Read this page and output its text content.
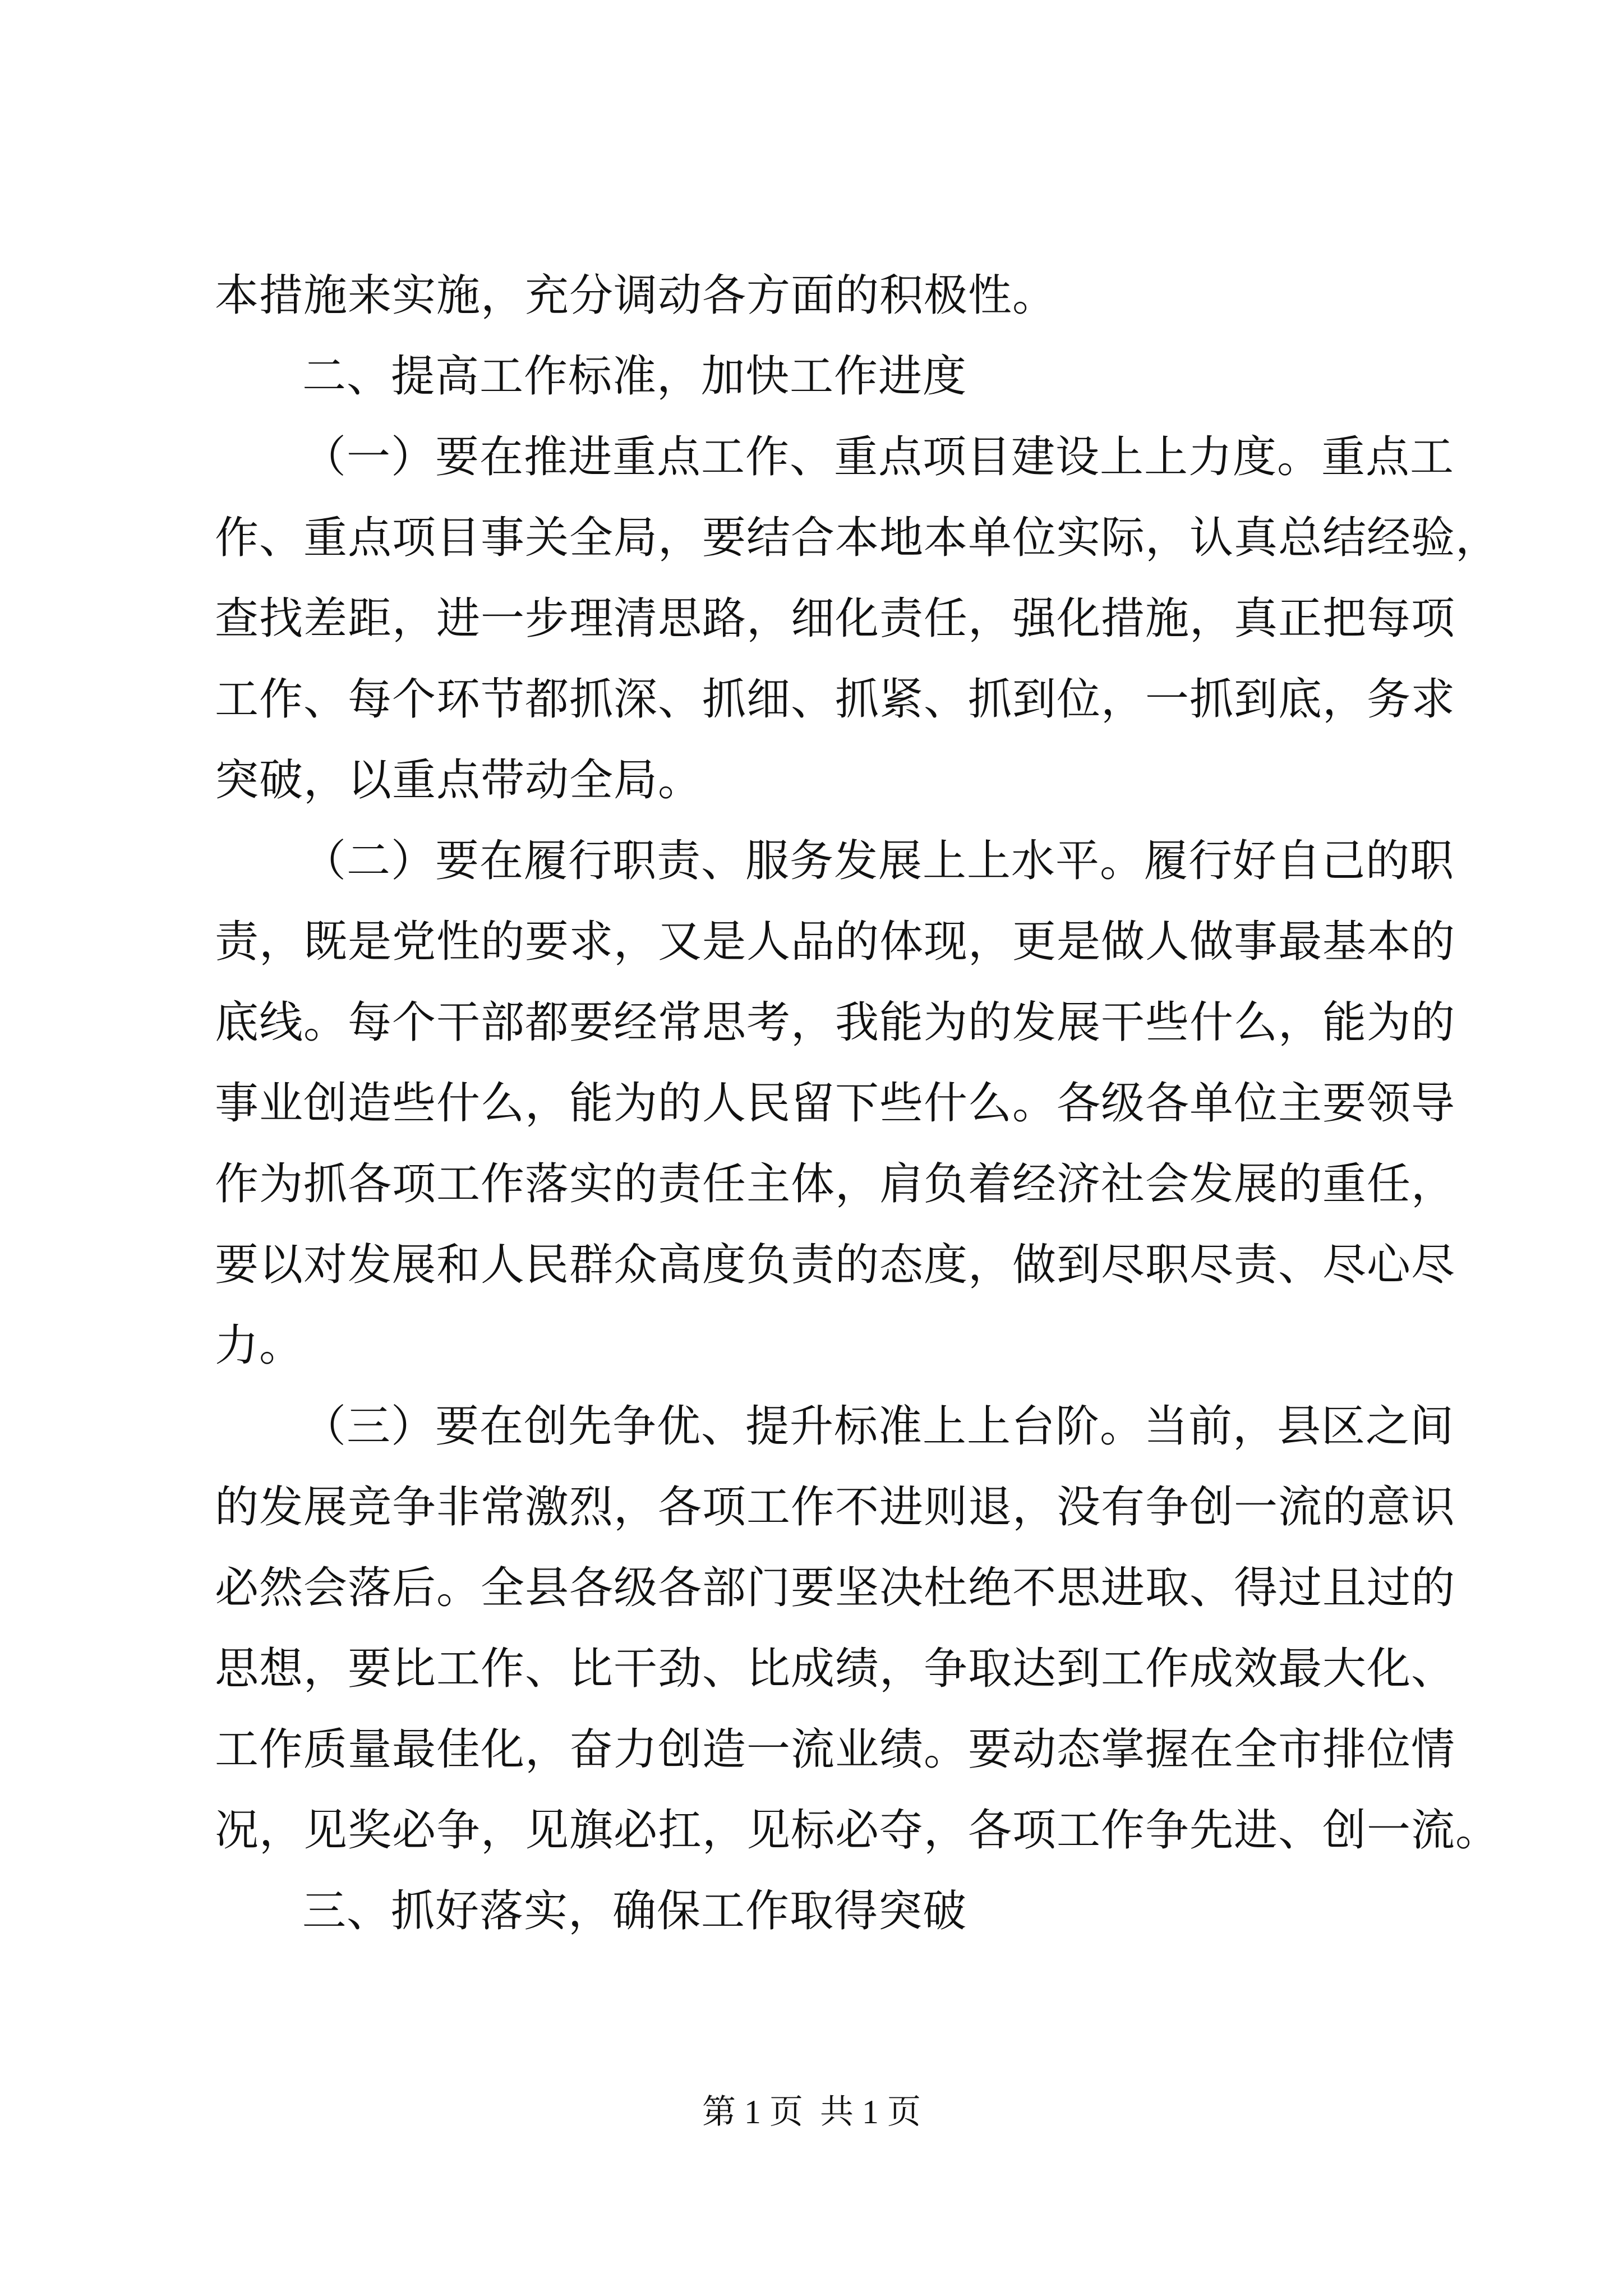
本措施来实施，充分调动各方面的积极性。
二、提高工作标准，加快工作进度
（一）要在推进重点工作、重点项目建设上上力度。重点工
作、重点项目事关全局，要结合本地本单位实际，认真总结经验，
查找差距，进一步理清思路，细化责任，强化措施，真正把每项
工作、每个环节都抓深、抓细、抓紧、抓到位，一抓到底，务求
突破，以重点带动全局。
（二）要在履行职责、服务发展上上水平。履行好自己的职
责，既是党性的要求，又是人品的体现，更是做人做事最基本的
底线。每个干部都要经常思考，我能为的发展干些什么，能为的
事业创造些什么，能为的人民留下些什么。各级各单位主要领导
作为抓各项工作落实的责任主体，肩负着经济社会发展的重任，
要以对发展和人民群众高度负责的态度，做到尽职尽责、尽心尽
力。
（三）要在创先争优、提升标准上上台阶。当前，县区之间
的发展竞争非常激烈，各项工作不进则退，没有争创一流的意识
必然会落后。全县各级各部门要坚决杜绝不思进取、得过且过的
思想，要比工作、比干劲、比成绩，争取达到工作成效最大化、
工作质量最佳化，奋力创造一流业绩。要动态掌握在全市排位情
况，见奖必争，见旗必扛，见标必夺，各项工作争先进、创一流。
三、抓好落实，确保工作取得突破
第 1 页  共 1 页
